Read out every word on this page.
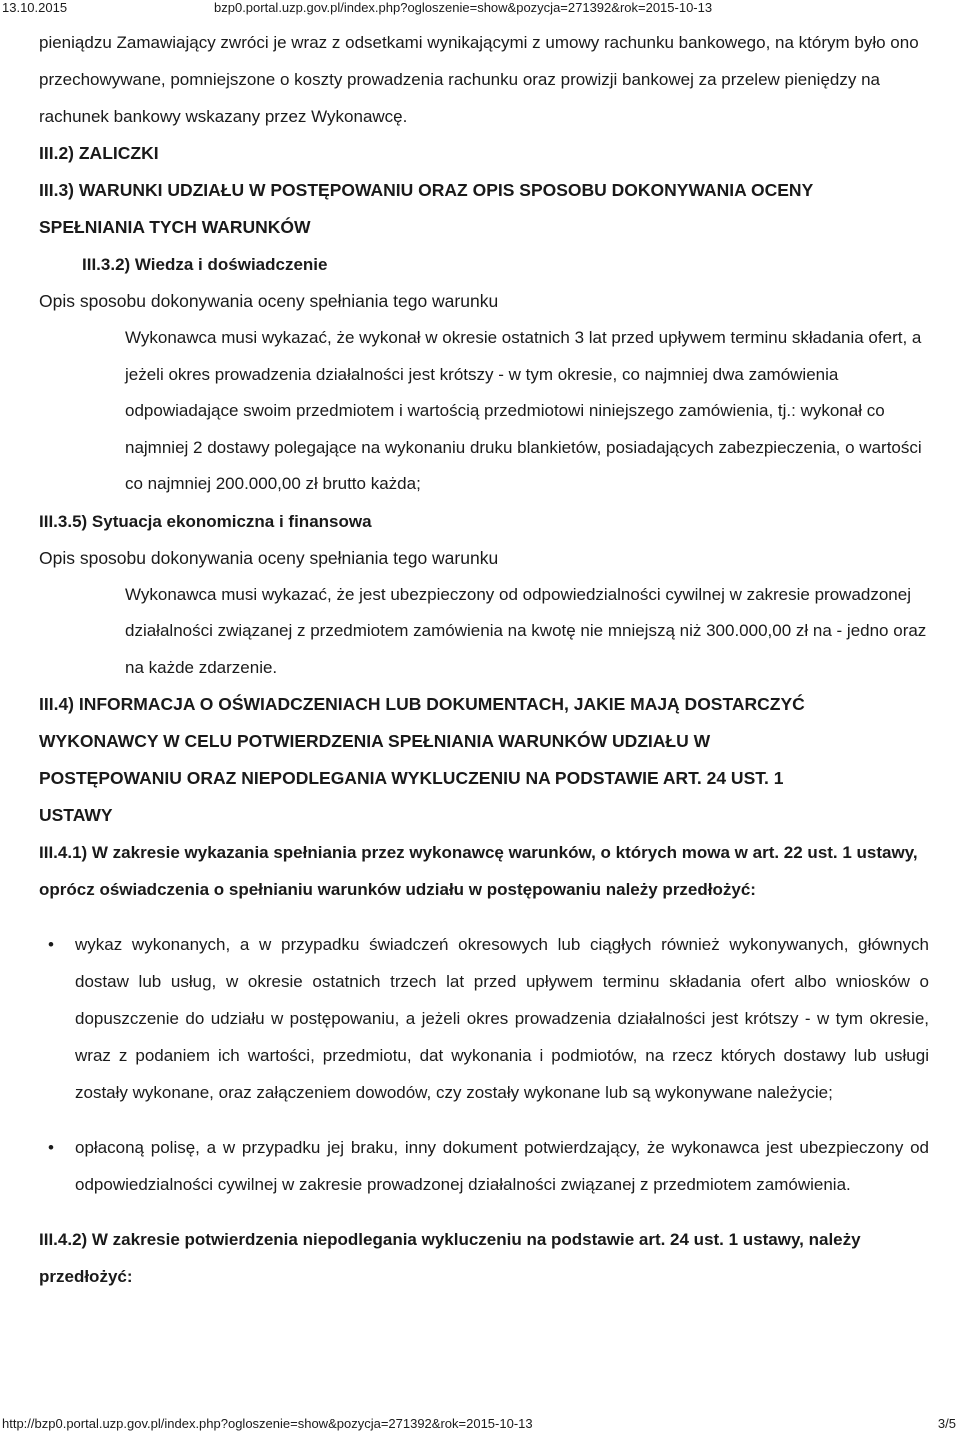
13.10.2015	bzp0.portal.uzp.gov.pl/index.php?ogloszenie=show&pozycja=271392&rok=2015-10-13

pieniądzu Zamawiający zwróci je wraz z odsetkami wynikającymi z umowy rachunku bankowego, na którym było ono przechowywane, pomniejszone o koszty prowadzenia rachunku oraz prowizji bankowej za przelew pieniędzy na rachunek bankowy wskazany przez Wykonawcę.

III.2) ZALICZKI

III.3) WARUNKI UDZIAŁU W POSTĘPOWANIU ORAZ OPIS SPOSOBU DOKONYWANIA OCENY
SPEŁNIANIA TYCH WARUNKÓW

III.3.2) Wiedza i doświadczenie

Opis sposobu dokonywania oceny spełniania tego warunku

Wykonawca musi wykazać, że wykonał w okresie ostatnich 3 lat przed upływem terminu składania ofert, a jeżeli okres prowadzenia działalności jest krótszy - w tym okresie, co najmniej dwa zamówienia odpowiadające swoim przedmiotem i wartością przedmiotowi niniejszego zamówienia, tj.: wykonał co najmniej 2 dostawy polegające na wykonaniu druku blankietów, posiadających zabezpieczenia, o wartości co najmniej 200.000,00 zł brutto każda;

III.3.5) Sytuacja ekonomiczna i finansowa

Opis sposobu dokonywania oceny spełniania tego warunku

Wykonawca musi wykazać, że jest ubezpieczony od odpowiedzialności cywilnej w zakresie prowadzonej działalności związanej z przedmiotem zamówienia na kwotę nie mniejszą niż 300.000,00 zł na - jedno oraz na każde zdarzenie.

III.4) INFORMACJA O OŚWIADCZENIACH LUB DOKUMENTACH, JAKIE MAJĄ DOSTARCZYĆ
WYKONAWCY W CELU POTWIERDZENIA SPEŁNIANIA WARUNKÓW UDZIAŁU W
POSTĘPOWANIU ORAZ NIEPODLEGANIA WYKLUCZENIU NA PODSTAWIE ART. 24 UST. 1
USTAWY

III.4.1) W zakresie wykazania spełniania przez wykonawcę warunków, o których mowa w art. 22 ust. 1 ustawy, oprócz oświadczenia o spełnianiu warunków udziału w postępowaniu należy przedłożyć:

• wykaz wykonanych, a w przypadku świadczeń okresowych lub ciągłych również wykonywanych, głównych dostaw lub usług, w okresie ostatnich trzech lat przed upływem terminu składania ofert albo wniosków o dopuszczenie do udziału w postępowaniu, a jeżeli okres prowadzenia działalności jest krótszy - w tym okresie, wraz z podaniem ich wartości, przedmiotu, dat wykonania i podmiotów, na rzecz których dostawy lub usługi zostały wykonane, oraz załączeniem dowodów, czy zostały wykonane lub są wykonywane należycie;
• opłaconą polisę, a w przypadku jej braku, inny dokument potwierdzający, że wykonawca jest ubezpieczony od odpowiedzialności cywilnej w zakresie prowadzonej działalności związanej z przedmiotem zamówienia.

III.4.2) W zakresie potwierdzenia niepodlegania wykluczeniu na podstawie art. 24 ust. 1 ustawy, należy przedłożyć:

http://bzp0.portal.uzp.gov.pl/index.php?ogloszenie=show&pozycja=271392&rok=2015-10-13	3/5
